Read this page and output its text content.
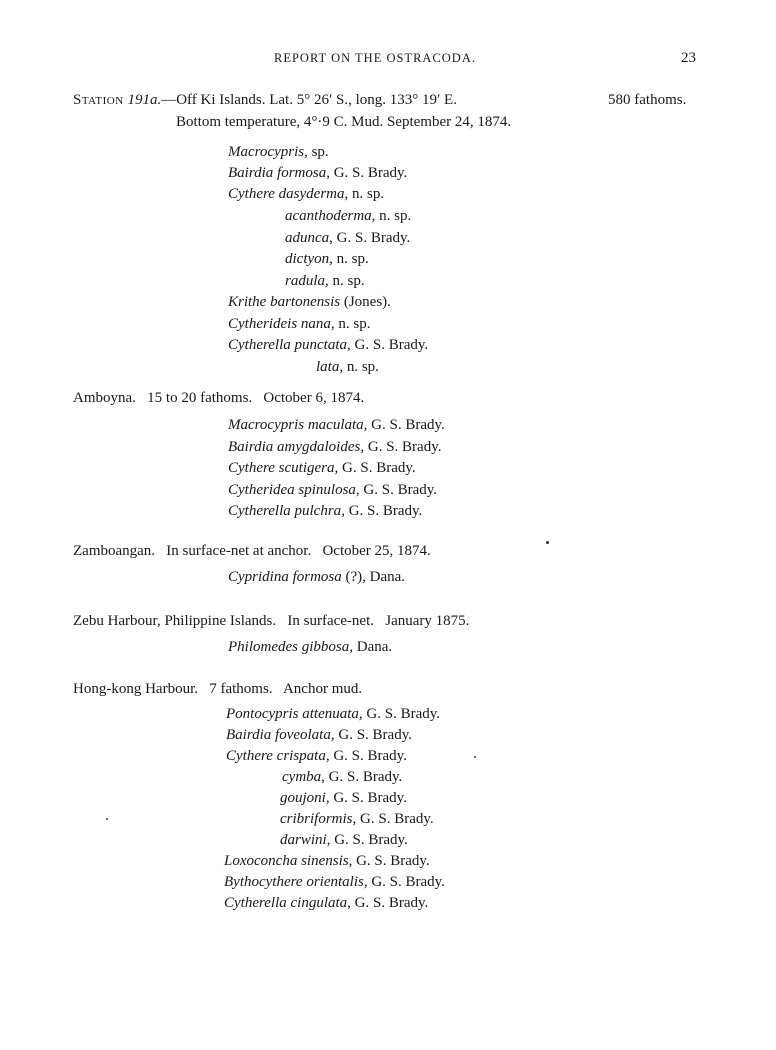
REPORT ON THE OSTRACODA.	23
Station 191a.—Off Ki Islands. Lat. 5° 26′ S., long. 133° 19′ E.	580 fathoms.
Bottom temperature, 4°·9 C. Mud. September 24, 1874.
Macrocypris, sp.
Bairdia formosa, G. S. Brady.
Cythere dasyderma, n. sp.
acanthoderma, n. sp.
adunca, G. S. Brady.
dictyon, n. sp.
radula, n. sp.
Krithe bartonensis (Jones).
Cytherideis nana, n. sp.
Cytherella punctata, G. S. Brady.
lata, n. sp.
Amboyna.   15 to 20 fathoms.   October 6, 1874.
Macrocypris maculata, G. S. Brady.
Bairdia amygdaloides, G. S. Brady.
Cythere scutigera, G. S. Brady.
Cytheridea spinulosa, G. S. Brady.
Cytherella pulchra, G. S. Brady.
Zamboangan.   In surface-net at anchor.   October 25, 1874.
Cypridina formosa (?), Dana.
Zebu Harbour, Philippine Islands.   In surface-net.   January 1875.
Philomedes gibbosa, Dana.
Hong-kong Harbour.   7 fathoms.   Anchor mud.
Pontocypris attenuata, G. S. Brady.
Bairdia foveolata, G. S. Brady.
Cythere crispata, G. S. Brady.
cymba, G. S. Brady.
goujoni, G. S. Brady.
cribriformis, G. S. Brady.
darwini, G. S. Brady.
Loxoconcha sinensis, G. S. Brady.
Bythocythere orientalis, G. S. Brady.
Cytherella cingulata, G. S. Brady.
